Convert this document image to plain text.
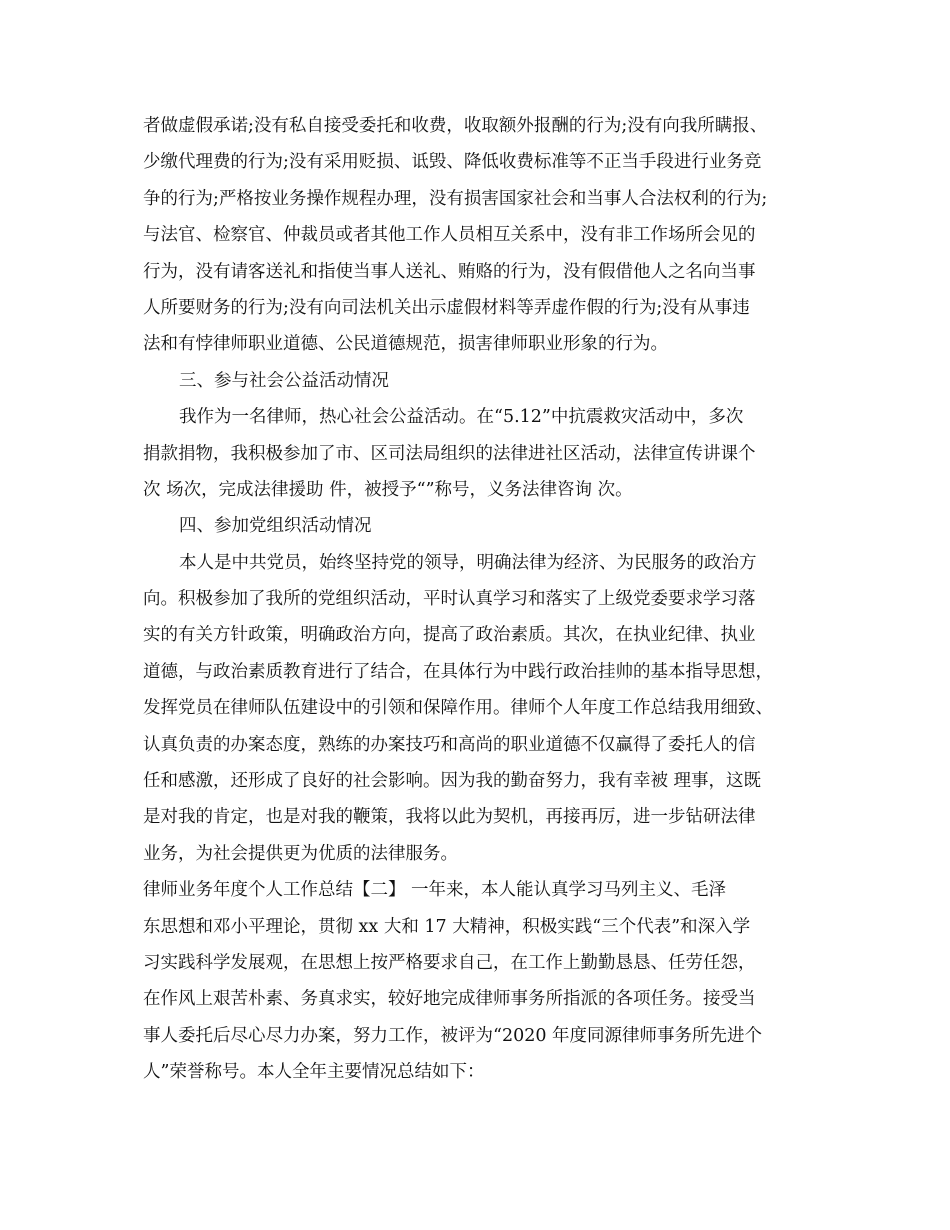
者做虚假承诺;没有私自接受委托和收费，收取额外报酬的行为;没有向我所瞒报、
少缴代理费的行为;没有采用贬损、诋毁、降低收费标准等不正当手段进行业务竞
争的行为;严格按业务操作规程办理，没有损害国家社会和当事人合法权利的行为;
与法官、检察官、仲裁员或者其他工作人员相互关系中，没有非工作场所会见的
行为，没有请客送礼和指使当事人送礼、贿赂的行为，没有假借他人之名向当事
人所要财务的行为;没有向司法机关出示虚假材料等弄虚作假的行为;没有从事违
法和有悖律师职业道德、公民道德规范，损害律师职业形象的行为。
三、参与社会公益活动情况
我作为一名律师，热心社会公益活动。在“5.12”中抗震救灾活动中，多次
捐款捐物，我积极参加了市、区司法局组织的法律进社区活动，法律宣传讲课个
次 场次，完成法律援助 件，被授予“”称号，义务法律咨询 次。
四、参加党组织活动情况
本人是中共党员，始终坚持党的领导，明确法律为经济、为民服务的政治方
向。积极参加了我所的党组织活动，平时认真学习和落实了上级党委要求学习落
实的有关方针政策，明确政治方向，提高了政治素质。其次，在执业纪律、执业
道德，与政治素质教育进行了结合，在具体行为中践行政治挂帅的基本指导思想，
发挥党员在律师队伍建设中的引领和保障作用。律师个人年度工作总结我用细致、
认真负责的办案态度，熟练的办案技巧和高尚的职业道德不仅赢得了委托人的信
任和感激，还形成了良好的社会影响。因为我的勤奋努力，我有幸被 理事，这既
是对我的肯定，也是对我的鞭策，我将以此为契机，再接再厉，进一步钻研法律
业务，为社会提供更为优质的法律服务。
律师业务年度个人工作总结【二】 一年来，本人能认真学习马列主义、毛泽
东思想和邓小平理论，贯彻 xx 大和 17 大精神，积极实践“三个代表”和深入学
习实践科学发展观，在思想上按严格要求自己，在工作上勤勤恳恳、任劳任怨，
在作风上艰苦朴素、务真求实，较好地完成律师事务所指派的各项任务。接受当
事人委托后尽心尽力办案，努力工作，被评为“2020 年度同源律师事务所先进个
人”荣誉称号。本人全年主要情况总结如下：
